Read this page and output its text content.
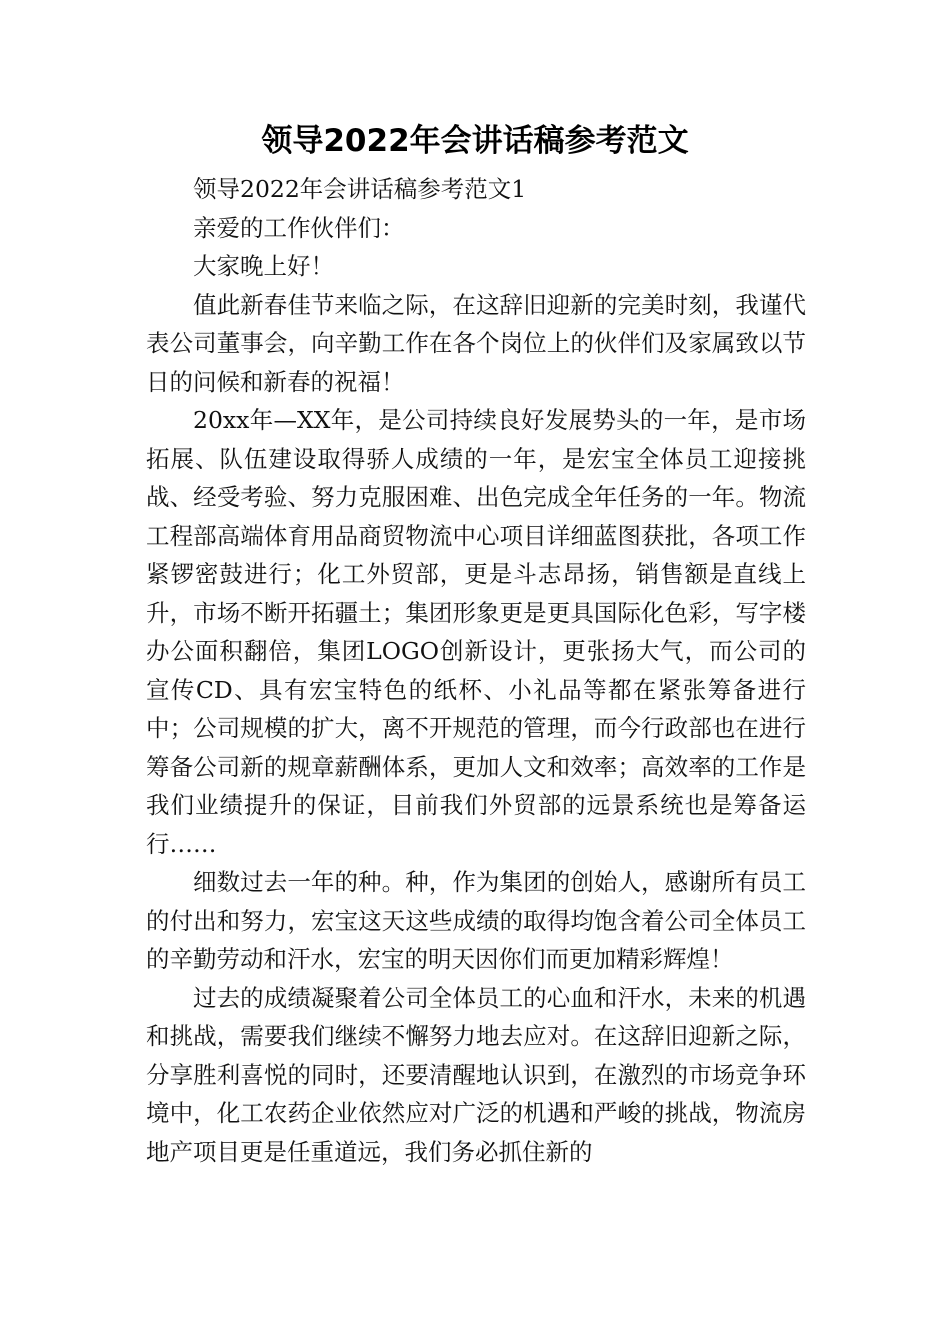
领导2022年会讲话稿参考范文

领导2022年会讲话稿参考范文1

亲爱的工作伙伴们：

大家晚上好！

值此新春佳节来临之际，在这辞旧迎新的完美时刻，我谨代表公司董事会，向辛勤工作在各个岗位上的伙伴们及家属致以节日的问候和新春的祝福！

20xx年—XX年，是公司持续良好发展势头的一年，是市场拓展、队伍建设取得骄人成绩的一年，是宏宝全体员工迎接挑战、经受考验、努力克服困难、出色完成全年任务的一年。物流工程部高端体育用品商贸物流中心项目详细蓝图获批，各项工作紧锣密鼓进行；化工外贸部，更是斗志昂扬，销售额是直线上升，市场不断开拓疆土；集团形象更是更具国际化色彩，写字楼办公面积翻倍，集团LOGO创新设计，更张扬大气，而公司的宣传CD、具有宏宝特色的纸杯、小礼品等都在紧张筹备进行中；公司规模的扩大，离不开规范的管理，而今行政部也在进行筹备公司新的规章薪酬体系，更加人文和效率；高效率的工作是我们业绩提升的保证，目前我们外贸部的远景系统也是筹备运行……

细数过去一年的种。种，作为集团的创始人，感谢所有员工的付出和努力，宏宝这天这些成绩的取得均饱含着公司全体员工的辛勤劳动和汗水，宏宝的明天因你们而更加精彩辉煌！

过去的成绩凝聚着公司全体员工的心血和汗水，未来的机遇和挑战，需要我们继续不懈努力地去应对。在这辞旧迎新之际，分享胜利喜悦的同时，还要清醒地认识到，在激烈的市场竞争环境中，化工农药企业依然应对广泛的机遇和严峻的挑战，物流房地产项目更是任重道远，我们务必抓住新的
